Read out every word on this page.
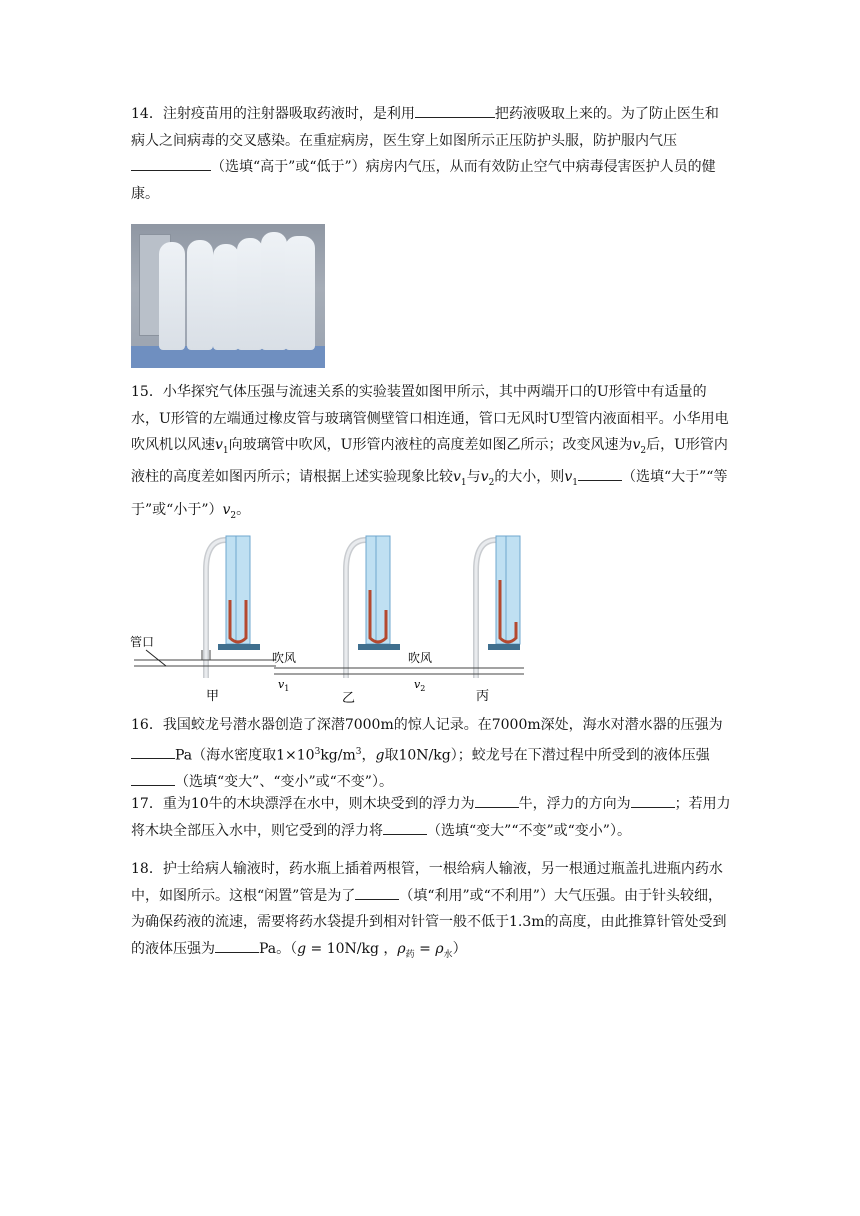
14．注射疫苗用的注射器吸取药液时，是利用	把药液吸取上来的。为了防止医生和病人之间病毒的交叉感染。在重症病房，医生穿上如图所示正压防护头服，防护服内气压（选填“高于”或“低于”）病房内气压，从而有效防止空气中病毒侵害医护人员的健康。

15．小华探究气体压强与流速关系的实验装置如图甲所示，其中两端开口的U形管中有适量的水，U形管的左端通过橡皮管与玻璃管侧壁管口相连通，管口无风时U型管内液面相平。小华用电吹风机以风速$v_1$向玻璃管中吹风，U形管内液柱的高度差如图乙所示；改变风速为$v_2$后，U形管内液柱的高度差如图丙所示；请根据上述实验现象比较$v_1$与$v_2$的大小，则$v_1$	（选填“大于”“等于”或“小于$”)v_2$。

管口
吹风	吹风
甲	乙	丙
$v_1$	$v_2$

16．我国蛟龙号潜水器创造了深潜7000m的惊人记录。在7000m深处，海水对潜水器的压强为Pa（海水密度取$1\times 10^3kg/m^3$，g取10N/kg）；蛟龙号在下潜过程中所受到的液体压强（选填“变大”、“变小”或“不变”）。

17．重为10牛的木块漂浮在水中，则木块受到的浮力为	牛，浮力的方向为	；若用力将木块全部压入水中，则它受到的浮力将	（选填“变大”“不变”或“变小”）。

18．护士给病人输液时，药水瓶上插着两根管，一根给病人输液，另一根通过瓶盖扎进瓶内药水中，如图所示。这根“闲置”管是为了	（填“利用”或“不利用”）大气压强。由于针头较细，为确保药液的流速，需要将药水袋提升到相对针管一般不低于1.3m的高度，由此推算针管处受到的液体压强为	Pa。（g = 10N/kg ，$\rho_药 = \rho_水$）
